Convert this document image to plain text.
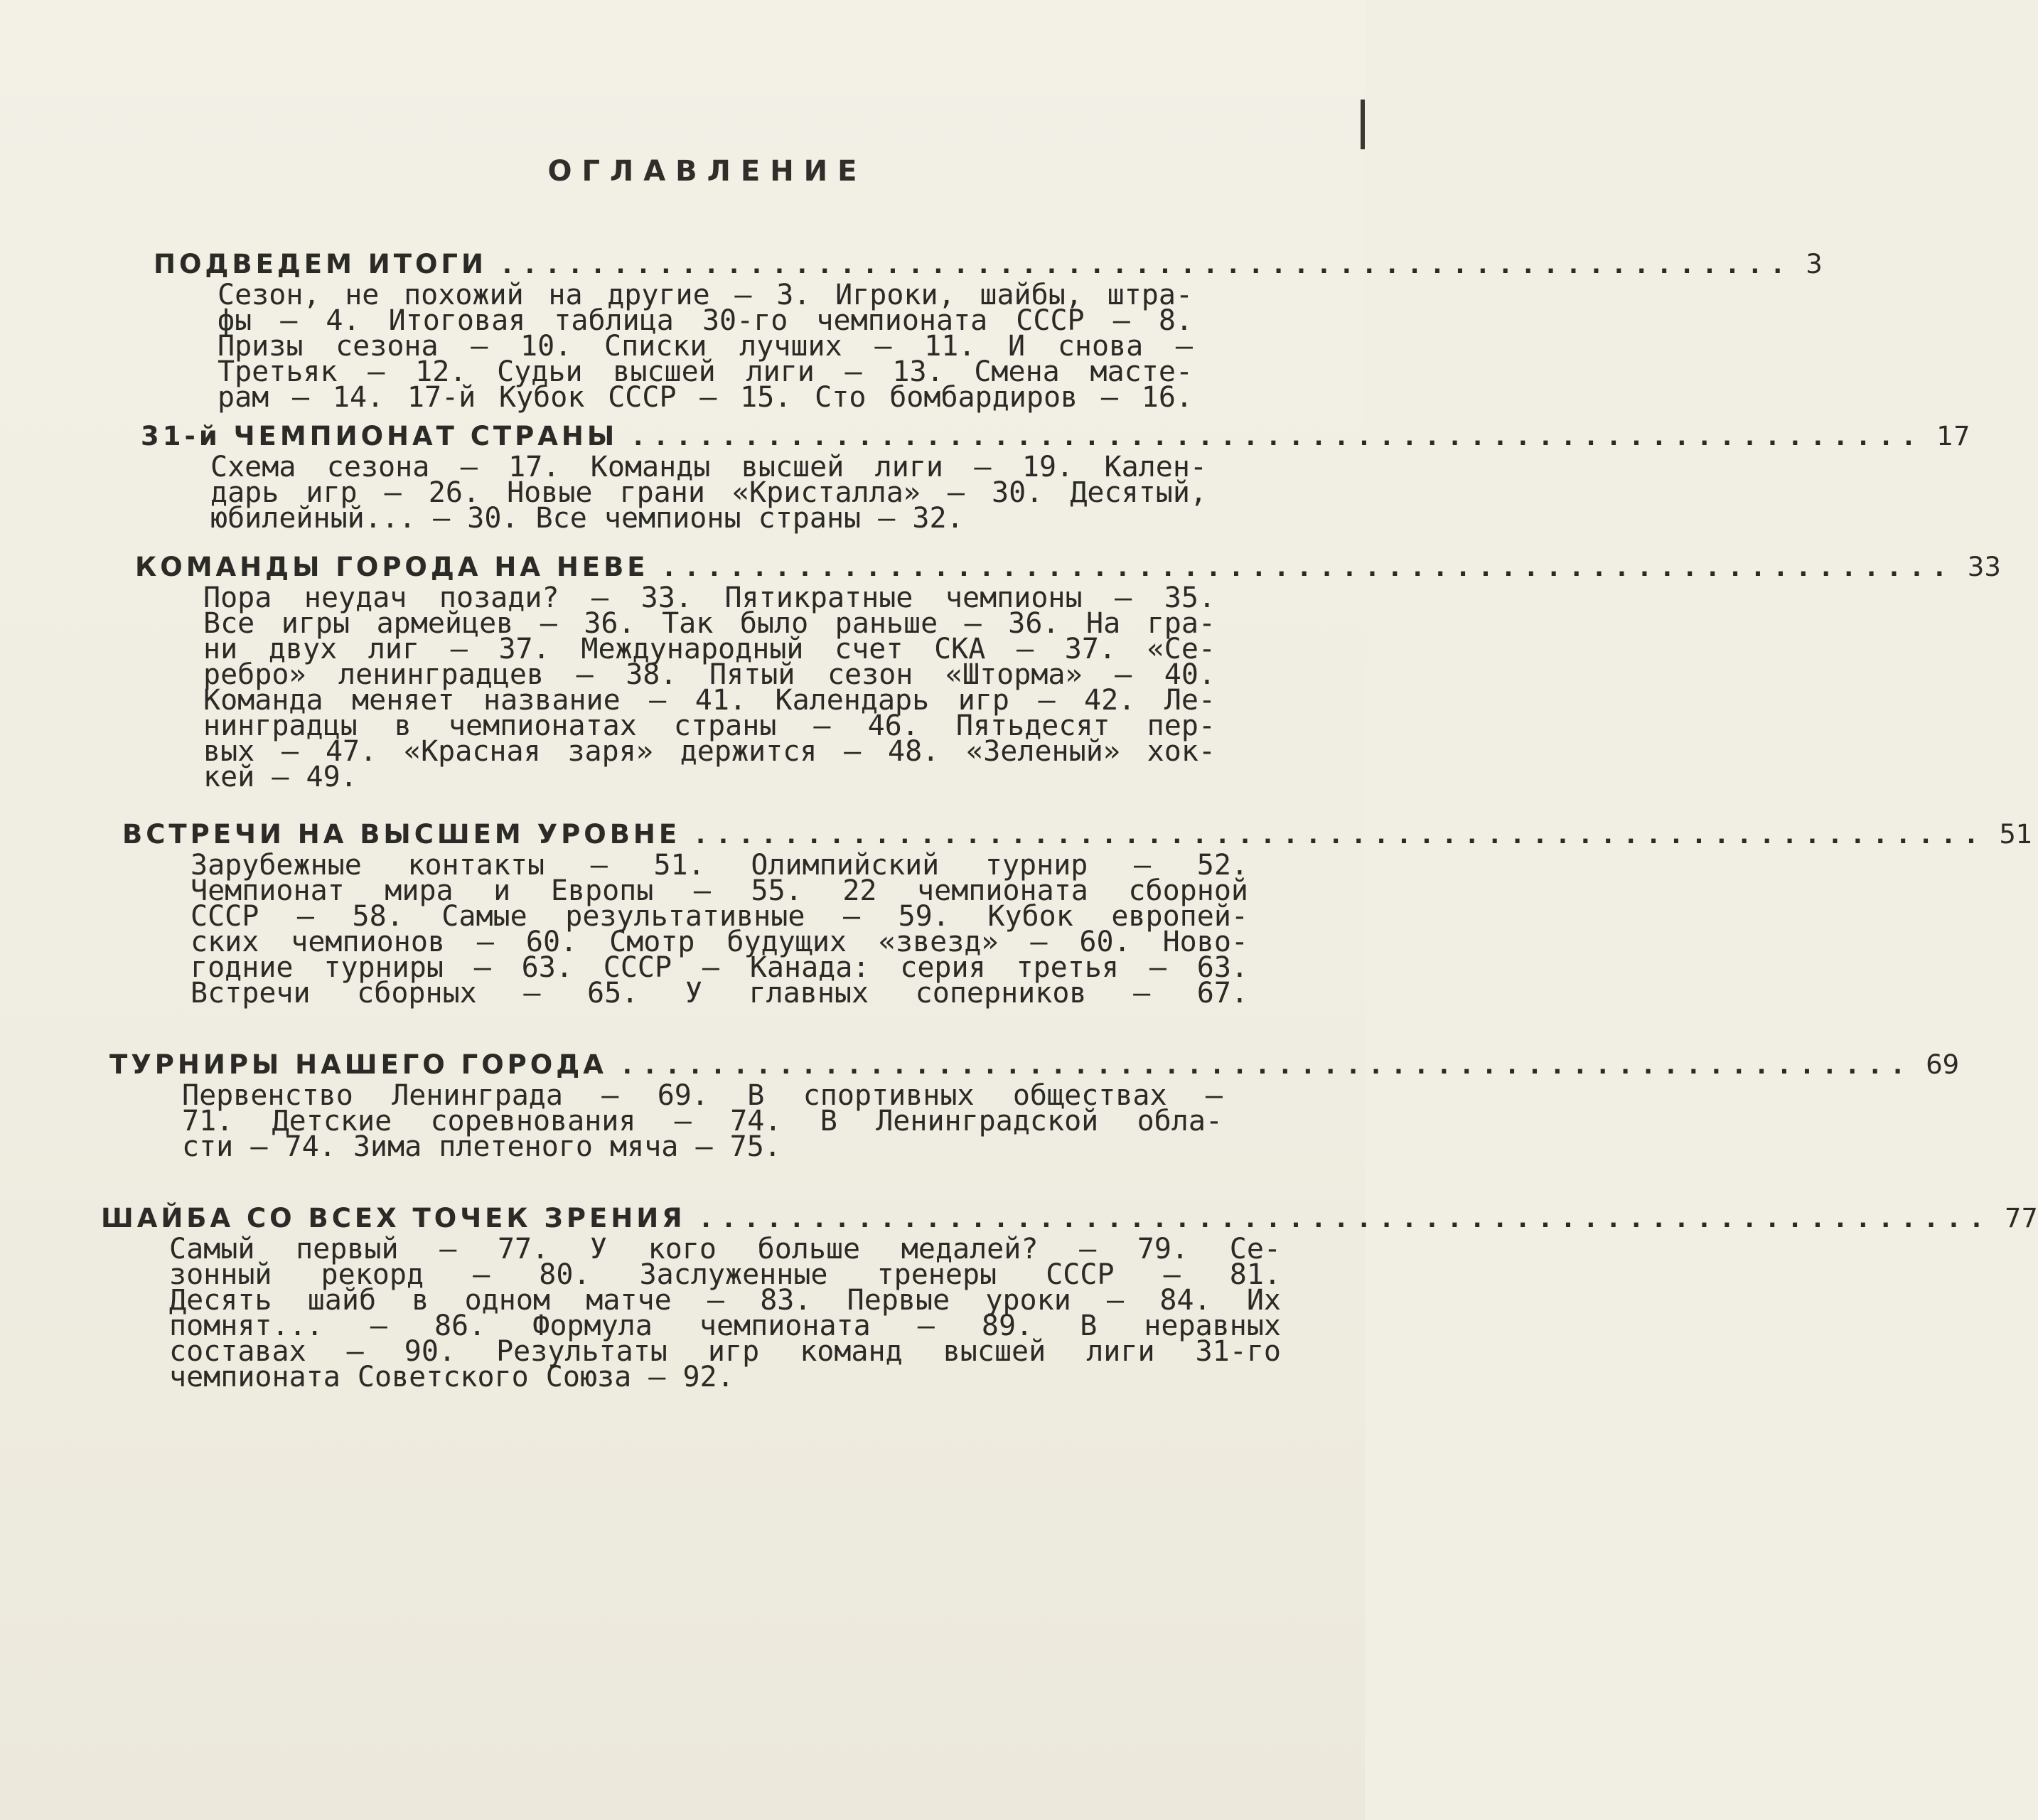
ОГЛАВЛЕНИЕ
ПОДВЕДЕМ ИТОГИ ......................................................... 3
Сезон, не похожий на другие — 3. Игроки, шайбы, штра-
фы — 4. Итоговая таблица 30-го чемпионата СССР — 8.
Призы сезона — 10. Списки лучших — 11. И снова —
Третьяк — 12. Судьи высшей лиги — 13. Смена масте-
рам — 14. 17-й Кубок СССР — 15. Сто бомбардиров — 16.
31-й ЧЕМПИОНАТ СТРАНЫ ......................................................... 17
Схема сезона — 17. Команды высшей лиги — 19. Кален-
дарь игр — 26. Новые грани «Кристалла» — 30. Десятый,
юбилейный... — 30. Все чемпионы страны — 32.
КОМАНДЫ ГОРОДА НА НЕВЕ ......................................................... 33
Пора неудач позади? — 33. Пятикратные чемпионы — 35.
Все игры армейцев — 36. Так было раньше — 36. На гра-
ни двух лиг — 37. Международный счет СКА — 37. «Се-
ребро» ленинградцев — 38. Пятый сезон «Шторма» — 40.
Команда меняет название — 41. Календарь игр — 42. Ле-
нинградцы в чемпионатах страны — 46. Пятьдесят пер-
вых — 47. «Красная заря» держится — 48. «Зеленый» хок-
кей — 49.
ВСТРЕЧИ НА ВЫСШЕМ УРОВНЕ ......................................................... 51
Зарубежные контакты — 51. Олимпийский турнир — 52.
Чемпионат мира и Европы — 55. 22 чемпионата сборной
СССР — 58. Самые результативные — 59. Кубок европей-
ских чемпионов — 60. Смотр будущих «звезд» — 60. Ново-
годние турниры — 63. СССР — Канада: серия третья — 63.
Встречи сборных — 65. У главных соперников — 67.
ТУРНИРЫ НАШЕГО ГОРОДА ......................................................... 69
Первенство Ленинграда — 69. В спортивных обществах —
71. Детские соревнования — 74. В Ленинградской обла-
сти — 74. Зима плетеного мяча — 75.
ШАЙБА СО ВСЕХ ТОЧЕК ЗРЕНИЯ ......................................................... 77
Самый первый — 77. У кого больше медалей? — 79. Се-
зонный рекорд — 80. Заслуженные тренеры СССР — 81.
Десять шайб в одном матче — 83. Первые уроки — 84. Их
помнят... — 86. Формула чемпионата — 89. В неравных
составах — 90. Результаты игр команд высшей лиги 31-го
чемпионата Советского Союза — 92.
